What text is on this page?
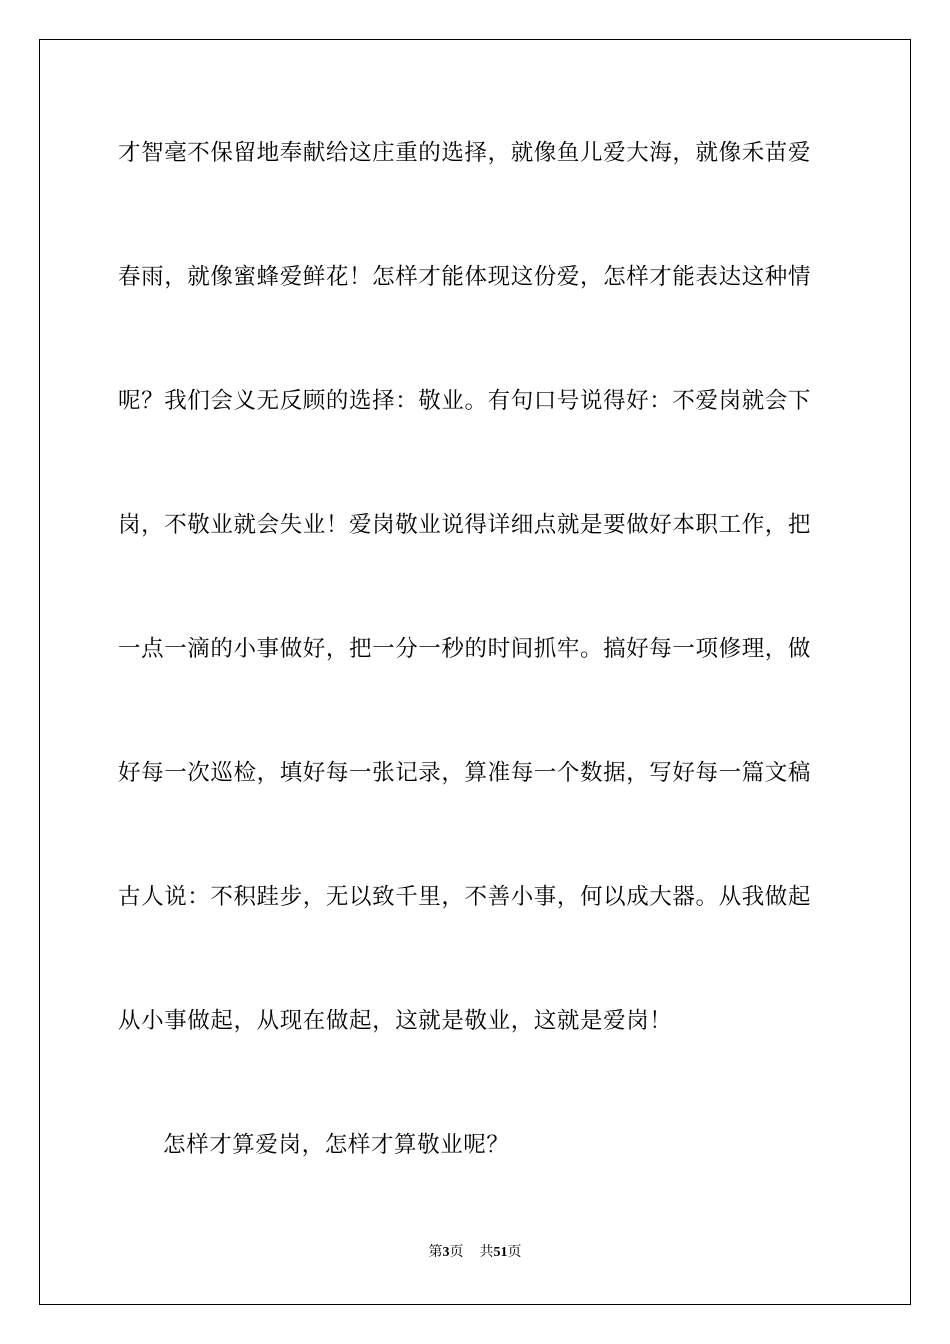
才智毫不保留地奉献给这庄重的选择，就像鱼儿爱大海，就像禾苗爱
春雨，就像蜜蜂爱鲜花！怎样才能体现这份爱，怎样才能表达这种情
呢？我们会义无反顾的选择：敬业。有句口号说得好：不爱岗就会下
岗，不敬业就会失业！爱岗敬业说得详细点就是要做好本职工作，把
一点一滴的小事做好，把一分一秒的时间抓牢。搞好每一项修理，做
好每一次巡检，填好每一张记录，算准每一个数据，写好每一篇文稿
古人说：不积跬步，无以致千里，不善小事，何以成大器。从我做起
从小事做起，从现在做起，这就是敬业，这就是爱岗！
怎样才算爱岗，怎样才算敬业呢？
第3页 共51页
